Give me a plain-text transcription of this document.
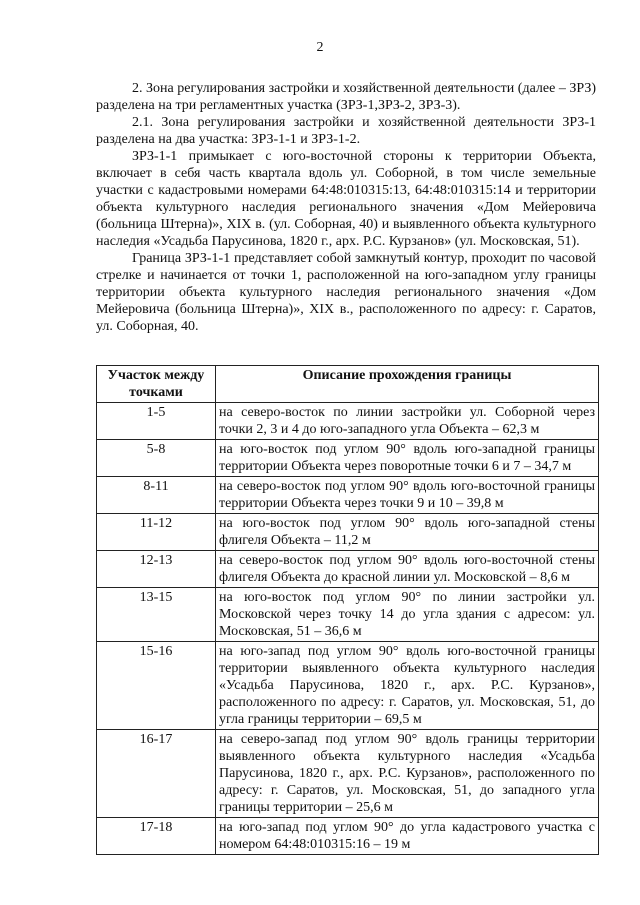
2

2. Зона регулирования застройки и хозяйственной деятельности (далее – ЗРЗ) разделена на три регламентных участка (ЗРЗ-1,ЗРЗ-2, ЗРЗ-3).

2.1. Зона регулирования застройки и хозяйственной деятельности ЗРЗ-1 разделена на два участка: ЗРЗ-1-1 и ЗРЗ-1-2.

ЗРЗ-1-1 примыкает с юго-восточной стороны к территории Объекта, включает в себя часть квартала вдоль ул. Соборной, в том числе земельные участки с кадастровыми номерами 64:48:010315:13, 64:48:010315:14 и территории объекта культурного наследия регионального значения «Дом Мейеровича (больница Штерна)», XIX в. (ул. Соборная, 40) и выявленного объекта культурного наследия «Усадьба Парусинова, 1820 г., арх. Р.С. Курзанов» (ул. Московская, 51).

Граница ЗРЗ-1-1 представляет собой замкнутый контур, проходит по часовой стрелке и начинается от точки 1, расположенной на юго-западном углу границы территории объекта культурного наследия регионального значения «Дом Мейеровича (больница Штерна)», XIX в., расположенного по адресу: г. Саратов, ул. Соборная, 40.

Участок между точками	Описание прохождения границы
1-5	на северо-восток по линии застройки ул. Соборной через точки 2, 3 и 4 до юго-западного угла Объекта – 62,3 м
5-8	на юго-восток под углом 90° вдоль юго-западной границы территории Объекта через поворотные точки 6 и 7 – 34,7 м
8-11	на северо-восток под углом 90° вдоль юго-восточной границы территории Объекта через точки 9 и 10 – 39,8 м
11-12	на юго-восток под углом 90° вдоль юго-западной стены флигеля Объекта – 11,2 м
12-13	на северо-восток под углом 90° вдоль юго-восточной стены флигеля Объекта до красной линии ул. Московской – 8,6 м
13-15	на юго-восток под углом 90° по линии застройки ул. Московской через точку 14 до угла здания с адресом: ул. Московская, 51 – 36,6 м
15-16	на юго-запад под углом 90° вдоль юго-восточной границы территории выявленного объекта культурного наследия «Усадьба Парусинова, 1820 г., арх. Р.С. Курзанов», расположенного по адресу: г. Саратов, ул. Московская, 51, до угла границы территории – 69,5 м
16-17	на северо-запад под углом 90° вдоль границы территории выявленного объекта культурного наследия «Усадьба Парусинова, 1820 г., арх. Р.С. Курзанов», расположенного по адресу: г. Саратов, ул. Московская, 51, до западного угла границы территории – 25,6 м
17-18	на юго-запад под углом 90° до угла кадастрового участка с номером 64:48:010315:16 – 19 м
